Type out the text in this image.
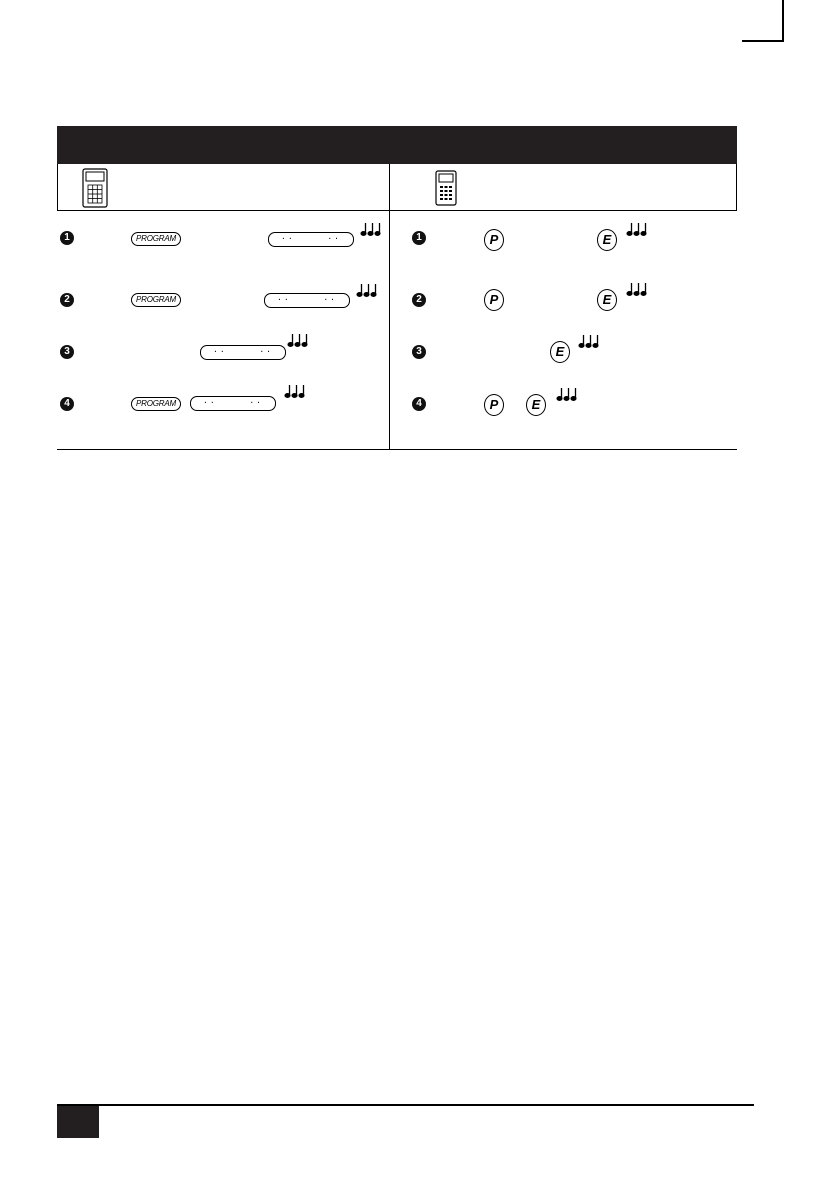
1	PROGRAM	··	··
2	PROGRAM	··	··
3	··	··
4	PROGRAM	··	··
1	P	E
2	P	E
3	E
4	P	E
